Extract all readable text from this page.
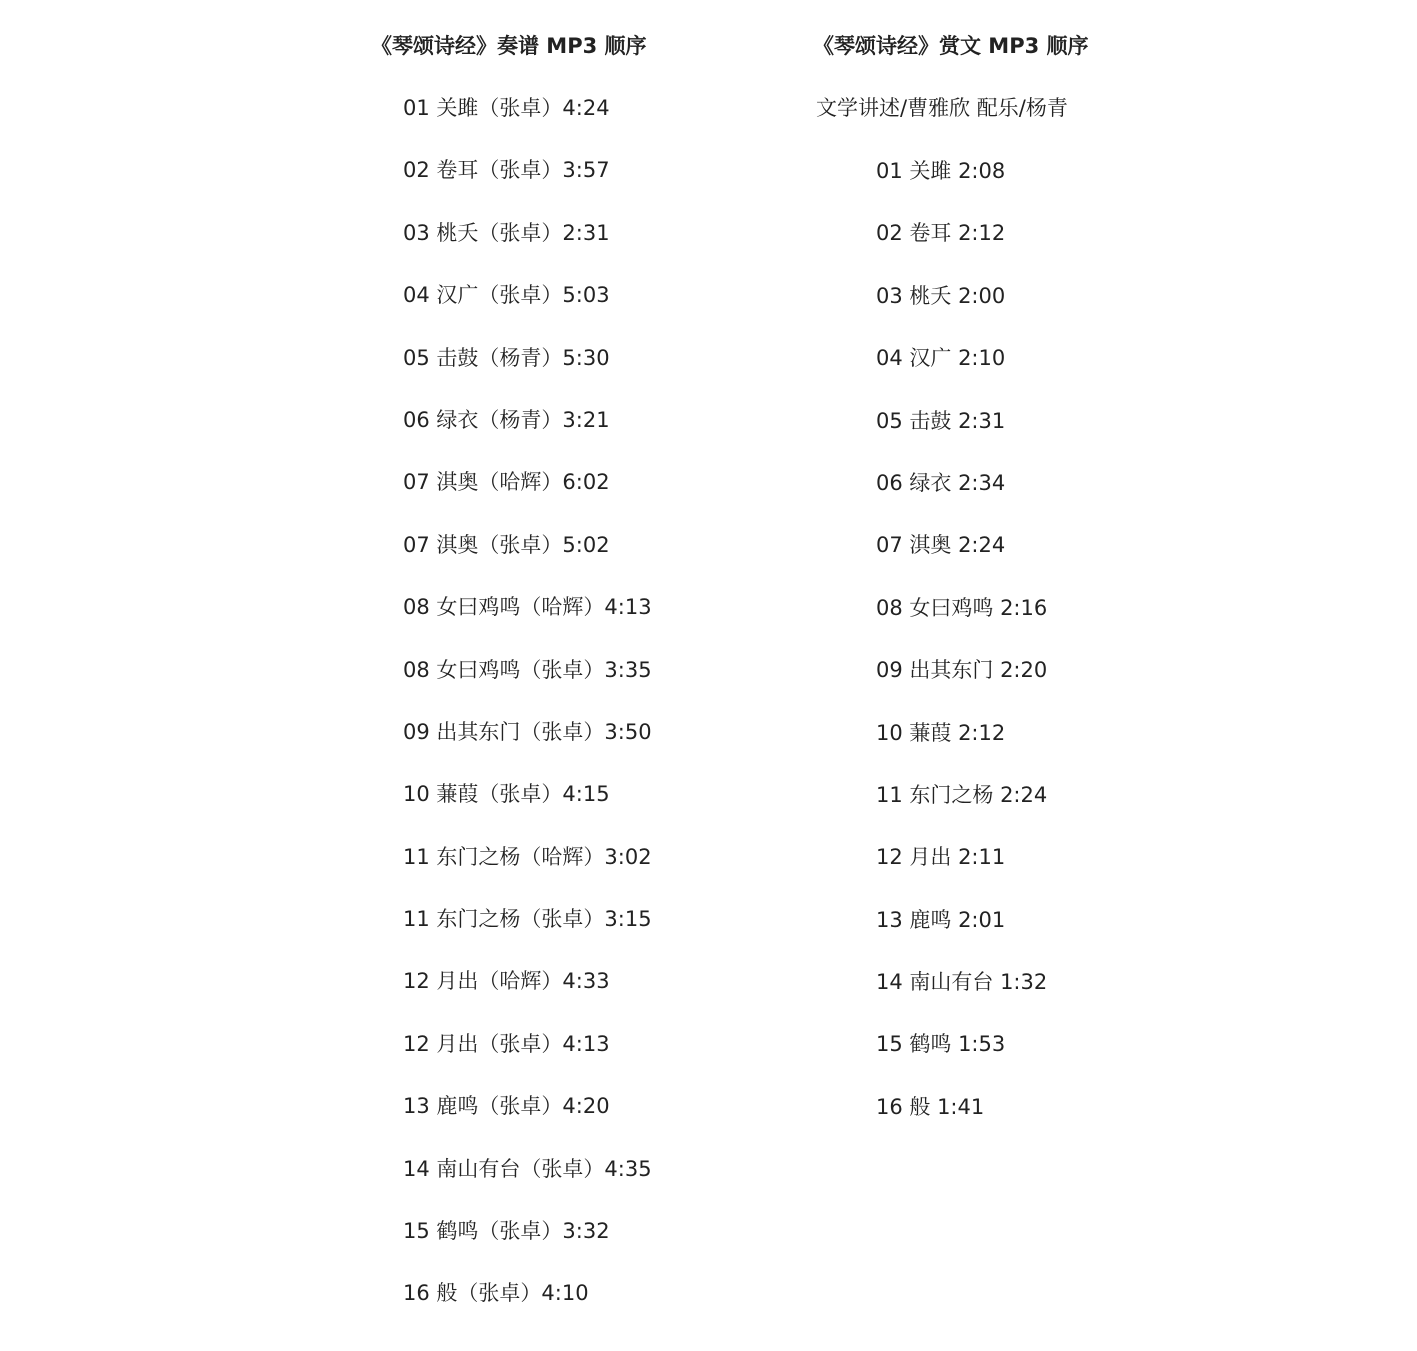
《琴颂诗经》奏谱 MP3 顺序
01 关雎（张卓）4:24
02 卷耳（张卓）3:57
03 桃夭（张卓）2:31
04 汉广（张卓）5:03
05 击鼓（杨青）5:30
06 绿衣（杨青）3:21
07 淇奥（哈辉）6:02
07 淇奥（张卓）5:02
08 女曰鸡鸣（哈辉）4:13
08 女曰鸡鸣（张卓）3:35
09 出其东门（张卓）3:50
10 蒹葭（张卓）4:15
11 东门之杨（哈辉）3:02
11 东门之杨（张卓）3:15
12 月出（哈辉）4:33
12 月出（张卓）4:13
13 鹿鸣（张卓）4:20
14 南山有台（张卓）4:35
15 鹤鸣（张卓）3:32
16 般（张卓）4:10
《琴颂诗经》赏文 MP3 顺序
文学讲述/曹雅欣 配乐/杨青
01 关雎 2:08
02 卷耳 2:12
03 桃夭 2:00
04 汉广 2:10
05 击鼓 2:31
06 绿衣 2:34
07 淇奥 2:24
08 女曰鸡鸣 2:16
09 出其东门 2:20
10 蒹葭 2:12
11 东门之杨 2:24
12 月出 2:11
13 鹿鸣 2:01
14 南山有台 1:32
15 鹤鸣 1:53
16 般 1:41
